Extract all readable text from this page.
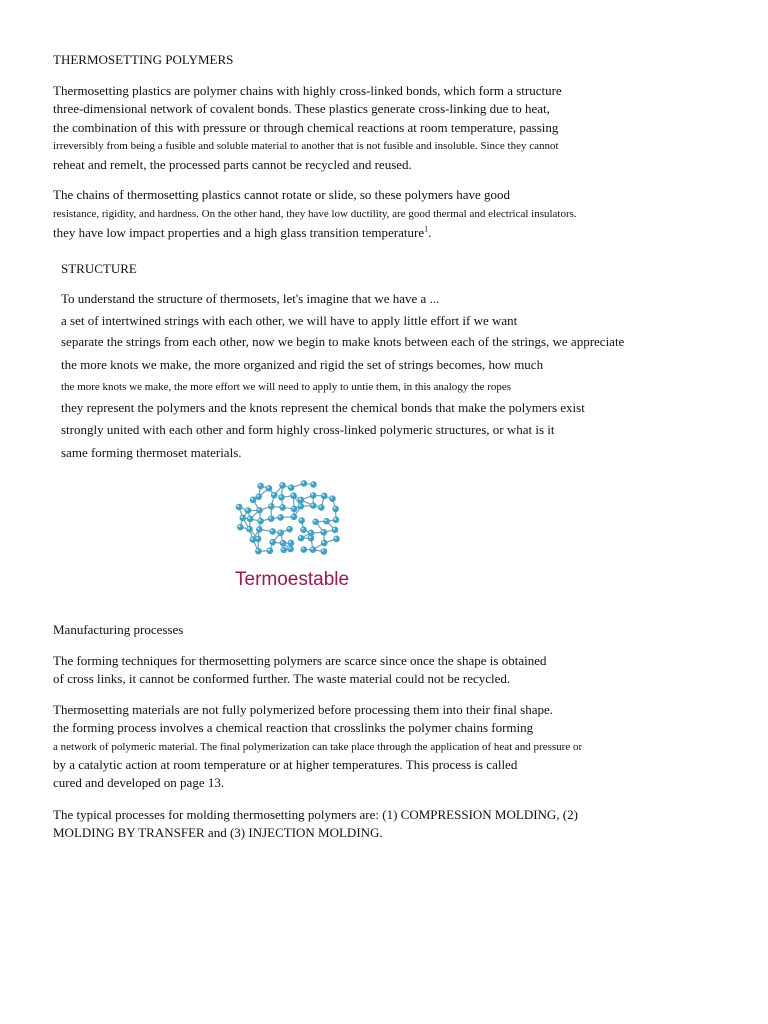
THERMOSETTING POLYMERS
Thermosetting plastics are polymer chains with highly cross-linked bonds, which form a structure
three-dimensional network of covalent bonds. These plastics generate cross-linking due to heat,
the combination of this with pressure or through chemical reactions at room temperature, passing
irreversibly from being a fusible and soluble material to another that is not fusible and insoluble. Since they cannot
reheat and remelt, the processed parts cannot be recycled and reused.
The chains of thermosetting plastics cannot rotate or slide, so these polymers have good
resistance, rigidity, and hardness. On the other hand, they have low ductility, are good thermal and electrical insulators.
they have low impact properties and a high glass transition temperature$^1$.
STRUCTURE
To understand the structure of thermosets, let's imagine that we have a ...
a set of intertwined strings with each other, we will have to apply little effort if we want
separate the strings from each other, now we begin to make knots between each of the strings, we appreciate
the more knots we make, the more organized and rigid the set of strings becomes, how much
the more knots we make, the more effort we will need to apply to untie them, in this analogy the ropes
they represent the polymers and the knots represent the chemical bonds that make the polymers exist
strongly united with each other and form highly cross-linked polymeric structures, or what is it
same forming thermoset materials.
Termoestable
Manufacturing processes
The forming techniques for thermosetting polymers are scarce since once the shape is obtained
of cross links, it cannot be conformed further. The waste material could not be recycled.
Thermosetting materials are not fully polymerized before processing them into their final shape.
the forming process involves a chemical reaction that crosslinks the polymer chains forming
a network of polymeric material. The final polymerization can take place through the application of heat and pressure or
by a catalytic action at room temperature or at higher temperatures. This process is called
cured and developed on page 13.
The typical processes for molding thermosetting polymers are: (1) COMPRESSION MOLDING, (2)
MOLDING BY TRANSFER and (3) INJECTION MOLDING.
